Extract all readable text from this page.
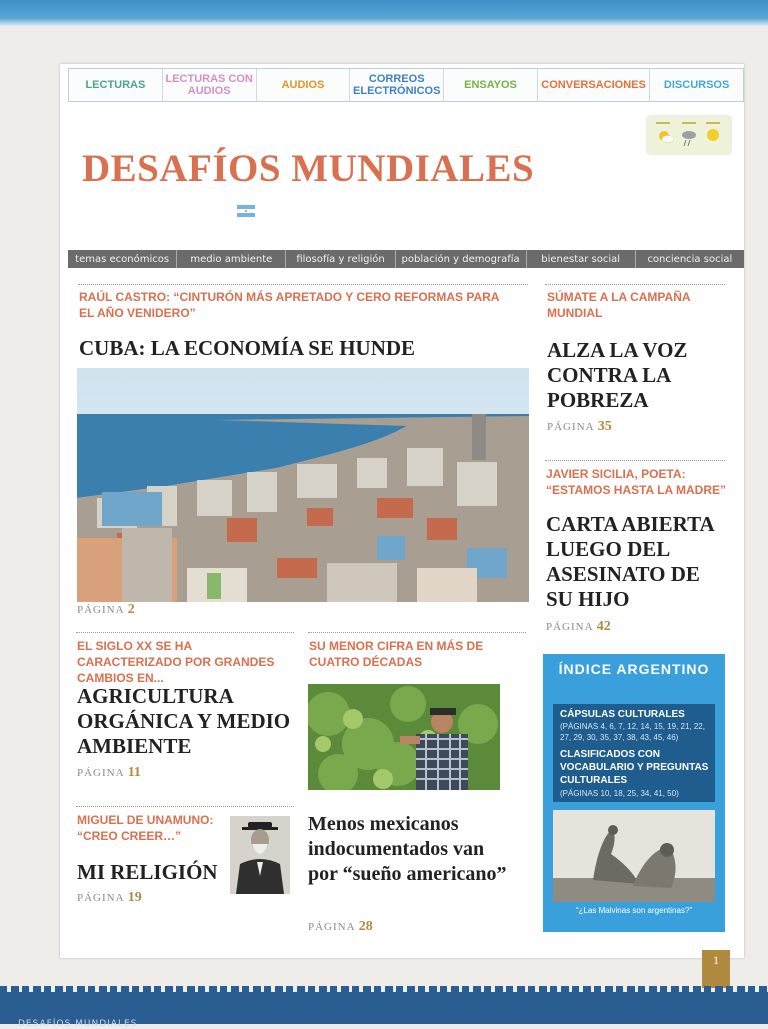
LECTURAS	LECTURAS CON AUDIOS	AUDIOS	CORREOS ELECTRÓNICOS	ENSAYOS	CONVERSACIONES	DISCURSOS
DESAFÍOS MUNDIALES
temas económicos	medio ambiente	filosofía y religión	población y demografía	bienestar social	conciencia social
RAÚL CASTRO: “CINTURÓN MÁS APRETADO Y CERO REFORMAS PARA EL AÑO VENIDERO”
CUBA: LA ECONOMÍA SE HUNDE
PÁGINA 2
SÚMATE A LA CAMPAÑA MUNDIAL
ALZA LA VOZ CONTRA LA POBREZA
PÁGINA 35
JAVIER SICILIA, POETA: “ESTAMOS HASTA LA MADRE”
CARTA ABIERTA LUEGO DEL ASESINATO DE SU HIJO
PÁGINA 42
EL SIGLO XX SE HA CARACTERIZADO POR GRANDES CAMBIOS EN...
AGRICULTURA ORGÁNICA Y MEDIO AMBIENTE
PÁGINA 11
SU MENOR CIFRA EN MÁS DE CUATRO DÉCADAS
Menos mexicanos indocumentados van por “sueño americano”
PÁGINA 28
MIGUEL DE UNAMUNO: “CREO CREER…”
MI RELIGIÓN
PÁGINA 19
ÍNDICE ARGENTINO
CÁPSULAS CULTURALES
(PÁGINAS 4, 6, 7, 12, 14, 15, 19, 21, 22, 27, 29, 30, 35, 37, 38, 43, 45, 46)
CLASIFICADOS CON VOCABULARIO Y PREGUNTAS CULTURALES
(PÁGINAS 10, 18, 25, 34, 41, 50)
“¿Las Malvinas son argentinas?”
1
DESAFÍOS MUNDIALES
